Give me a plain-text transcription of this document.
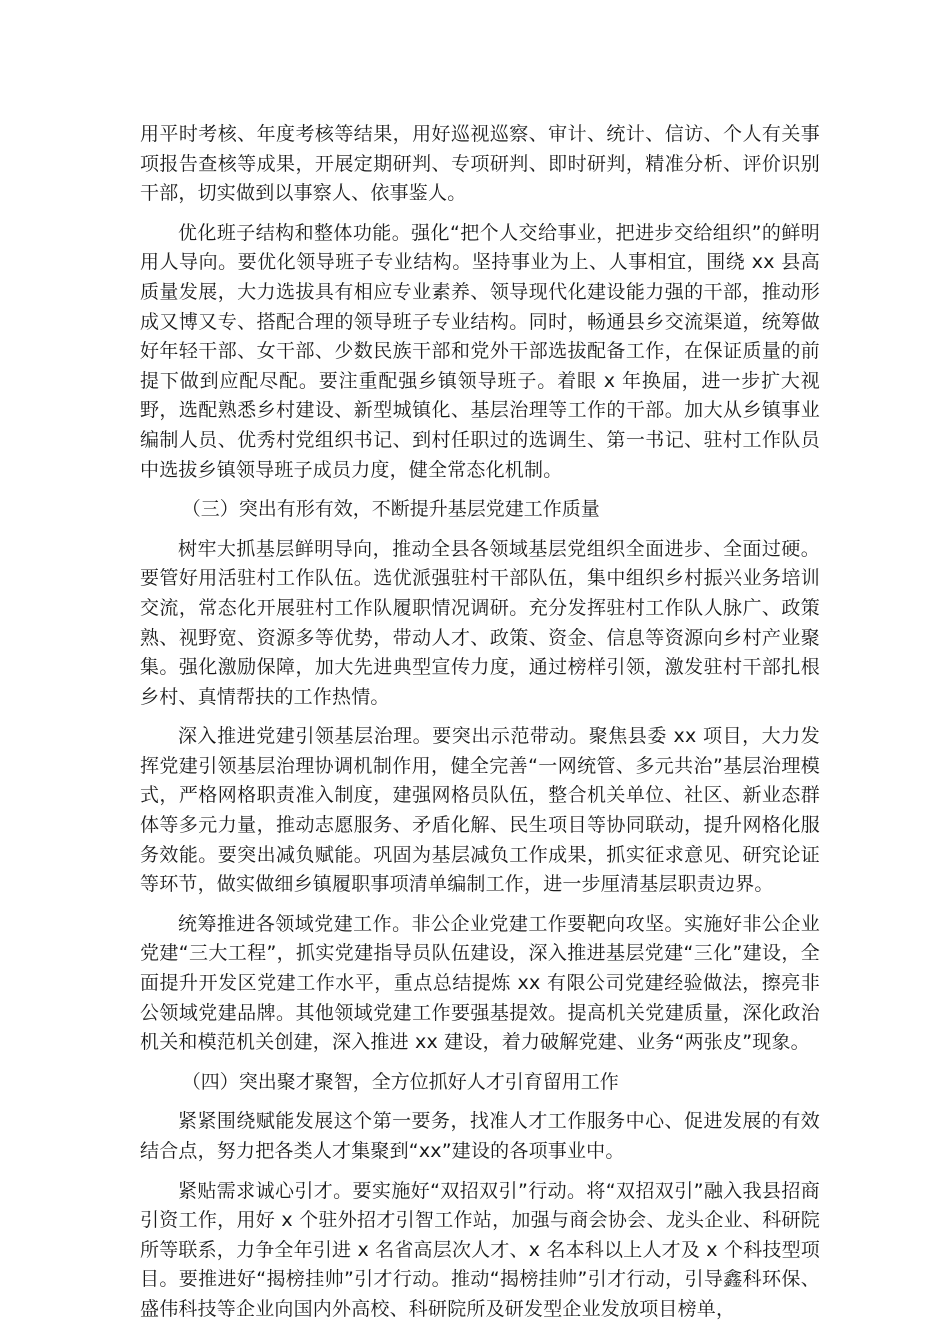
用平时考核、年度考核等结果，用好巡视巡察、审计、统计、信访、个人有关事项报告查核等成果，开展定期研判、专项研判、即时研判，精准分析、评价识别干部，切实做到以事察人、依事鉴人。

优化班子结构和整体功能。强化“把个人交给事业，把进步交给组织”的鲜明用人导向。要优化领导班子专业结构。坚持事业为上、人事相宜，围绕 xx 县高质量发展，大力选拔具有相应专业素养、领导现代化建设能力强的干部，推动形成又博又专、搭配合理的领导班子专业结构。同时，畅通县乡交流渠道，统筹做好年轻干部、女干部、少数民族干部和党外干部选拔配备工作，在保证质量的前提下做到应配尽配。要注重配强乡镇领导班子。着眼 x 年换届，进一步扩大视野，选配熟悉乡村建设、新型城镇化、基层治理等工作的干部。加大从乡镇事业编制人员、优秀村党组织书记、到村任职过的选调生、第一书记、驻村工作队员中选拔乡镇领导班子成员力度，健全常态化机制。

（三）突出有形有效，不断提升基层党建工作质量

树牢大抓基层鲜明导向，推动全县各领域基层党组织全面进步、全面过硬。要管好用活驻村工作队伍。选优派强驻村干部队伍，集中组织乡村振兴业务培训交流，常态化开展驻村工作队履职情况调研。充分发挥驻村工作队人脉广、政策熟、视野宽、资源多等优势，带动人才、政策、资金、信息等资源向乡村产业聚集。强化激励保障，加大先进典型宣传力度，通过榜样引领，激发驻村干部扎根乡村、真情帮扶的工作热情。

深入推进党建引领基层治理。要突出示范带动。聚焦县委 xx 项目，大力发挥党建引领基层治理协调机制作用，健全完善“一网统管、多元共治”基层治理模式，严格网格职责准入制度，建强网格员队伍，整合机关单位、社区、新业态群体等多元力量，推动志愿服务、矛盾化解、民生项目等协同联动，提升网格化服务效能。要突出减负赋能。巩固为基层减负工作成果，抓实征求意见、研究论证等环节，做实做细乡镇履职事项清单编制工作，进一步厘清基层职责边界。

统筹推进各领域党建工作。非公企业党建工作要靶向攻坚。实施好非公企业党建“三大工程”，抓实党建指导员队伍建设，深入推进基层党建“三化”建设，全面提升开发区党建工作水平，重点总结提炼 xx 有限公司党建经验做法，擦亮非公领域党建品牌。其他领域党建工作要强基提效。提高机关党建质量，深化政治机关和模范机关创建，深入推进 xx 建设，着力破解党建、业务“两张皮”现象。

（四）突出聚才聚智，全方位抓好人才引育留用工作

紧紧围绕赋能发展这个第一要务，找准人才工作服务中心、促进发展的有效结合点，努力把各类人才集聚到“xx”建设的各项事业中。

紧贴需求诚心引才。要实施好“双招双引”行动。将“双招双引”融入我县招商引资工作，用好 x 个驻外招才引智工作站，加强与商会协会、龙头企业、科研院所等联系，力争全年引进 x 名省高层次人才、x 名本科以上人才及 x 个科技型项目。要推进好“揭榜挂帅”引才行动。推动“揭榜挂帅”引才行动，引导鑫科环保、盛伟科技等企业向国内外高校、科研院所及研发型企业发放项目榜单，
